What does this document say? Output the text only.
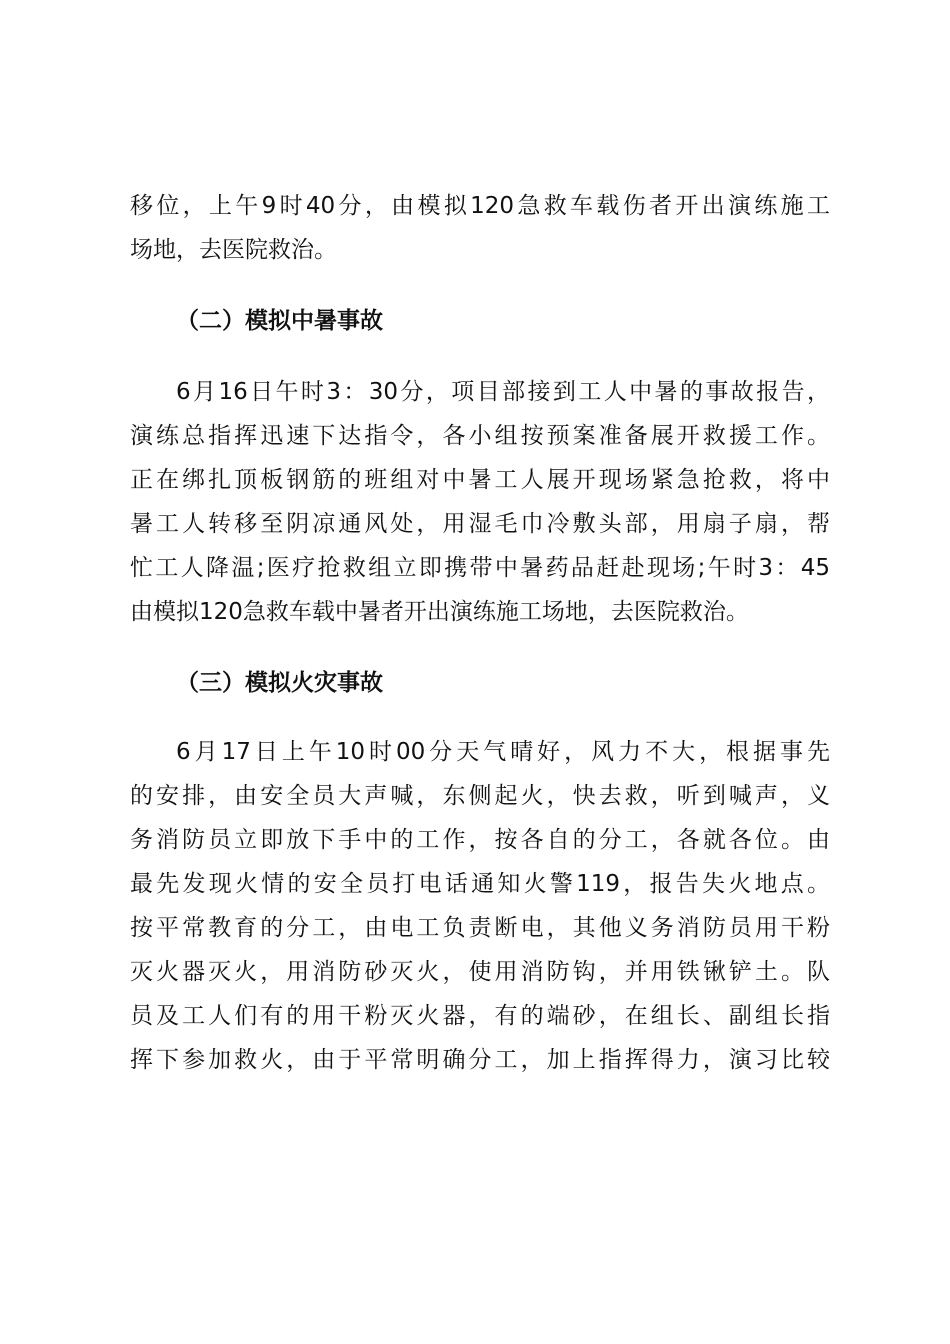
移位，上午9时40分，由模拟120急救车载伤者开出演练施工
场地，去医院救治。
（二）模拟中暑事故
6月16日午时3：30分，项目部接到工人中暑的事故报告，
演练总指挥迅速下达指令，各小组按预案准备展开救援工作。
正在绑扎顶板钢筋的班组对中暑工人展开现场紧急抢救，将中
暑工人转移至阴凉通风处，用湿毛巾冷敷头部，用扇子扇，帮
忙工人降温;医疗抢救组立即携带中暑药品赶赴现场;午时3：45
由模拟120急救车载中暑者开出演练施工场地，去医院救治。
（三）模拟火灾事故
6月17日上午10时00分天气晴好，风力不大，根据事先
的安排，由安全员大声喊，东侧起火，快去救，听到喊声，义
务消防员立即放下手中的工作，按各自的分工，各就各位。由
最先发现火情的安全员打电话通知火警119，报告失火地点。
按平常教育的分工，由电工负责断电，其他义务消防员用干粉
灭火器灭火，用消防砂灭火，使用消防钩，并用铁锹铲土。队
员及工人们有的用干粉灭火器，有的端砂，在组长、副组长指
挥下参加救火，由于平常明确分工，加上指挥得力，演习比较
